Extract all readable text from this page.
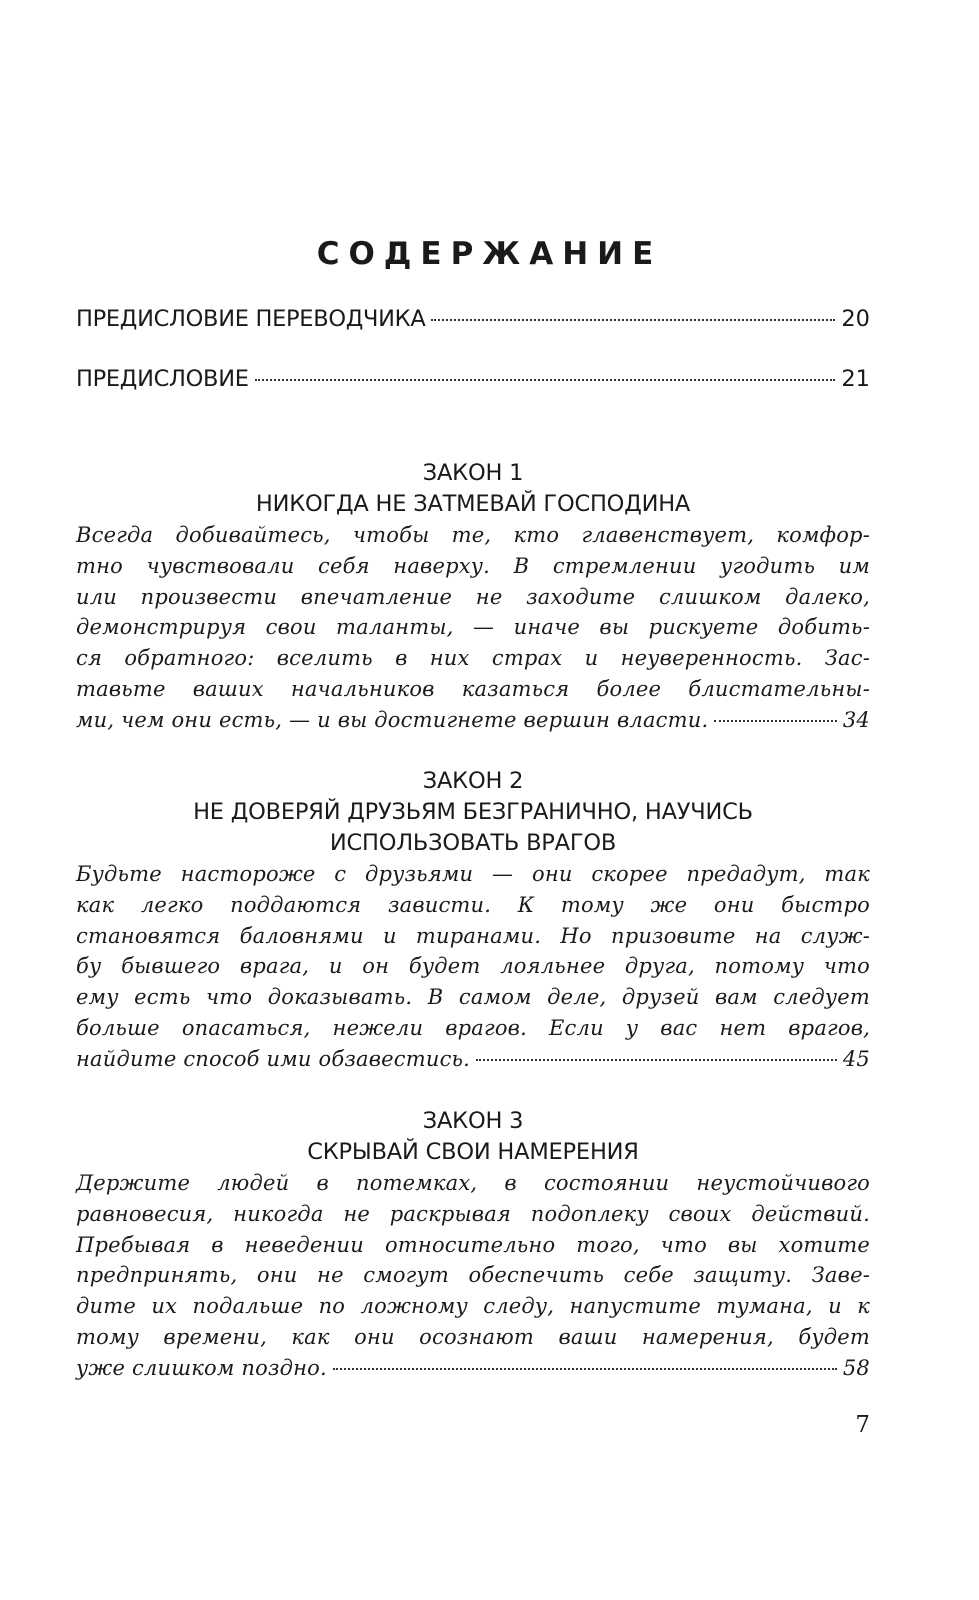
СОДЕРЖАНИЕ
ПРЕДИСЛОВИЕ ПЕРЕВОДЧИКА	20
ПРЕДИСЛОВИЕ	21

ЗАКОН 1

НИКОГДА НЕ ЗАТМЕВАЙ ГОСПОДИНА

Всегда добивайтесь, чтобы те, кто главенствует, комфор-
тно чувствовали себя наверху. В стремлении угодить им
или произвести впечатление не заходите слишком далеко,
демонстрируя свои таланты, — иначе вы рискуете добить-
ся обратного: вселить в них страх и неуверенность. Зас-
тавьте ваших начальников казаться более блистательны-
ми, чем они есть, — и вы достигнете вершин власти.	34

ЗАКОН 2

НЕ ДОВЕРЯЙ ДРУЗЬЯМ БЕЗГРАНИЧНО, НАУЧИСЬ

ИСПОЛЬЗОВАТЬ ВРАГОВ

Будьте настороже с друзьями — они скорее предадут, так
как легко поддаются зависти. К тому же они быстро
становятся баловнями и тиранами. Но призовите на служ-
бу бывшего врага, и он будет лояльнее друга, потому что
ему есть что доказывать. В самом деле, друзей вам следует
больше опасаться, нежели врагов. Если у вас нет врагов,
найдите способ ими обзавестись.	45

ЗАКОН 3

СКРЫВАЙ СВОИ НАМЕРЕНИЯ

Держите людей в потемках, в состоянии неустойчивого
равновесия, никогда не раскрывая подоплеку своих действий.
Пребывая в неведении относительно того, что вы хотите
предпринять, они не смогут обеспечить себе защиту. Заве-
дите их подальше по ложному следу, напустите тумана, и к
тому времени, как они осознают ваши намерения, будет
уже слишком поздно.	58

7
